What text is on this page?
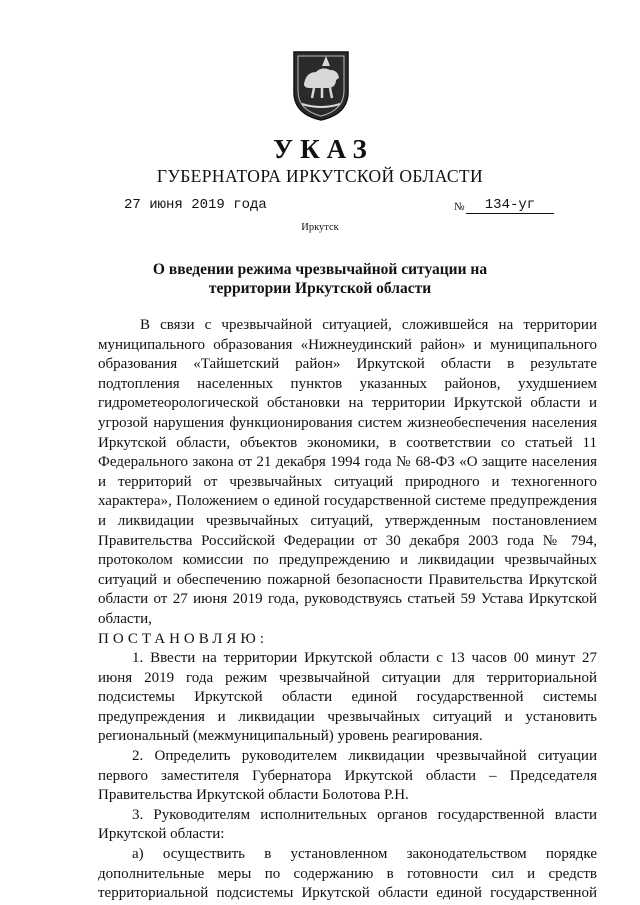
УКАЗ
ГУБЕРНАТОРА ИРКУТСКОЙ ОБЛАСТИ
27 июня 2019 года	№	134-уг
Иркутск
О введении режима чрезвычайной ситуации на территории Иркутской области

В связи с чрезвычайной ситуацией, сложившейся на территории муниципального образования «Нижнеудинский район» и муниципального образования «Тайшетский район» Иркутской области в результате подтопления населенных пунктов указанных районов, ухудшением гидрометеорологической обстановки на территории Иркутской области и угрозой нарушения функционирования систем жизнеобеспечения населения Иркутской области, объектов экономики, в соответствии со статьей 11 Федерального закона от 21 декабря 1994 года № 68-ФЗ «О защите населения и территорий от чрезвычайных ситуаций природного и техногенного характера», Положением о единой государственной системе предупреждения и ликвидации чрезвычайных ситуаций, утвержденным постановлением Правительства Российской Федерации от 30 декабря 2003 года № 794, протоколом комиссии по предупреждению и ликвидации чрезвычайных ситуаций и обеспечению пожарной безопасности Правительства Иркутской области от 27 июня 2019 года, руководствуясь статьей 59 Устава Иркутской области,

ПОСТАНОВЛЯЮ:

1. Ввести на территории Иркутской области с 13 часов 00 минут 27 июня 2019 года режим чрезвычайной ситуации для территориальной подсистемы Иркутской области единой государственной системы предупреждения и ликвидации чрезвычайных ситуаций и установить региональный (межмуниципальный) уровень реагирования.

2. Определить руководителем ликвидации чрезвычайной ситуации первого заместителя Губернатора Иркутской области – Председателя Правительства Иркутской области Болотова Р.Н.

3. Руководителям исполнительных органов государственной власти Иркутской области:

а) осуществить в установленном законодательством порядке дополнительные меры по содержанию в готовности сил и средств территориальной подсистемы Иркутской области единой государственной
